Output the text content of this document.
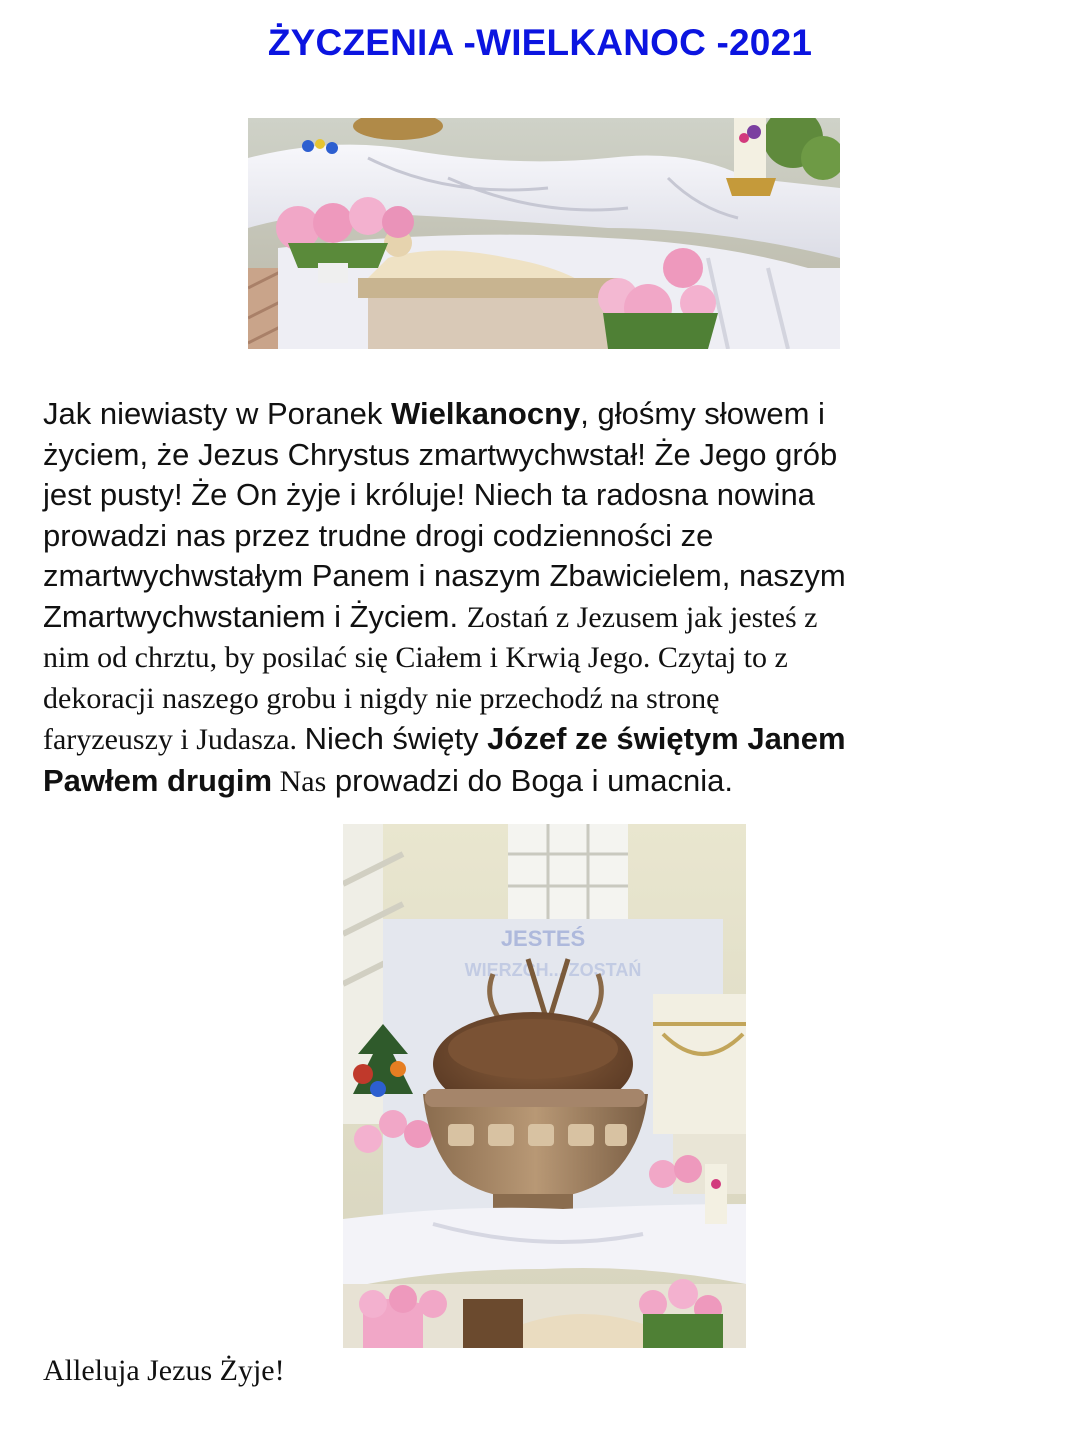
ŻYCZENIA -WIELKANOC -2021
Jak niewiasty w Poranek Wielkanocny, głośmy słowem i
życiem, że Jezus Chrystus zmartwychwstał! Że Jego grób
jest pusty! Że On żyje i króluje! Niech ta radosna nowina
prowadzi nas przez trudne drogi codzienności ze
zmartwychwstałym Panem i naszym Zbawicielem, naszym
Zmartwychwstaniem i Życiem. Zostań z Jezusem jak jesteś z
nim od chrztu, by posilać się Ciałem i Krwią Jego. Czytaj to z
dekoracji naszego grobu i nigdy nie przechodź na stronę
faryzeuszy i Judasza. Niech święty Józef ze świętym Janem
Pawłem drugim Nas prowadzi do Boga i umacnia.
JESTEŚ
WIERZCH... ZOSTAŃ
Alleluja Jezus Żyje!
